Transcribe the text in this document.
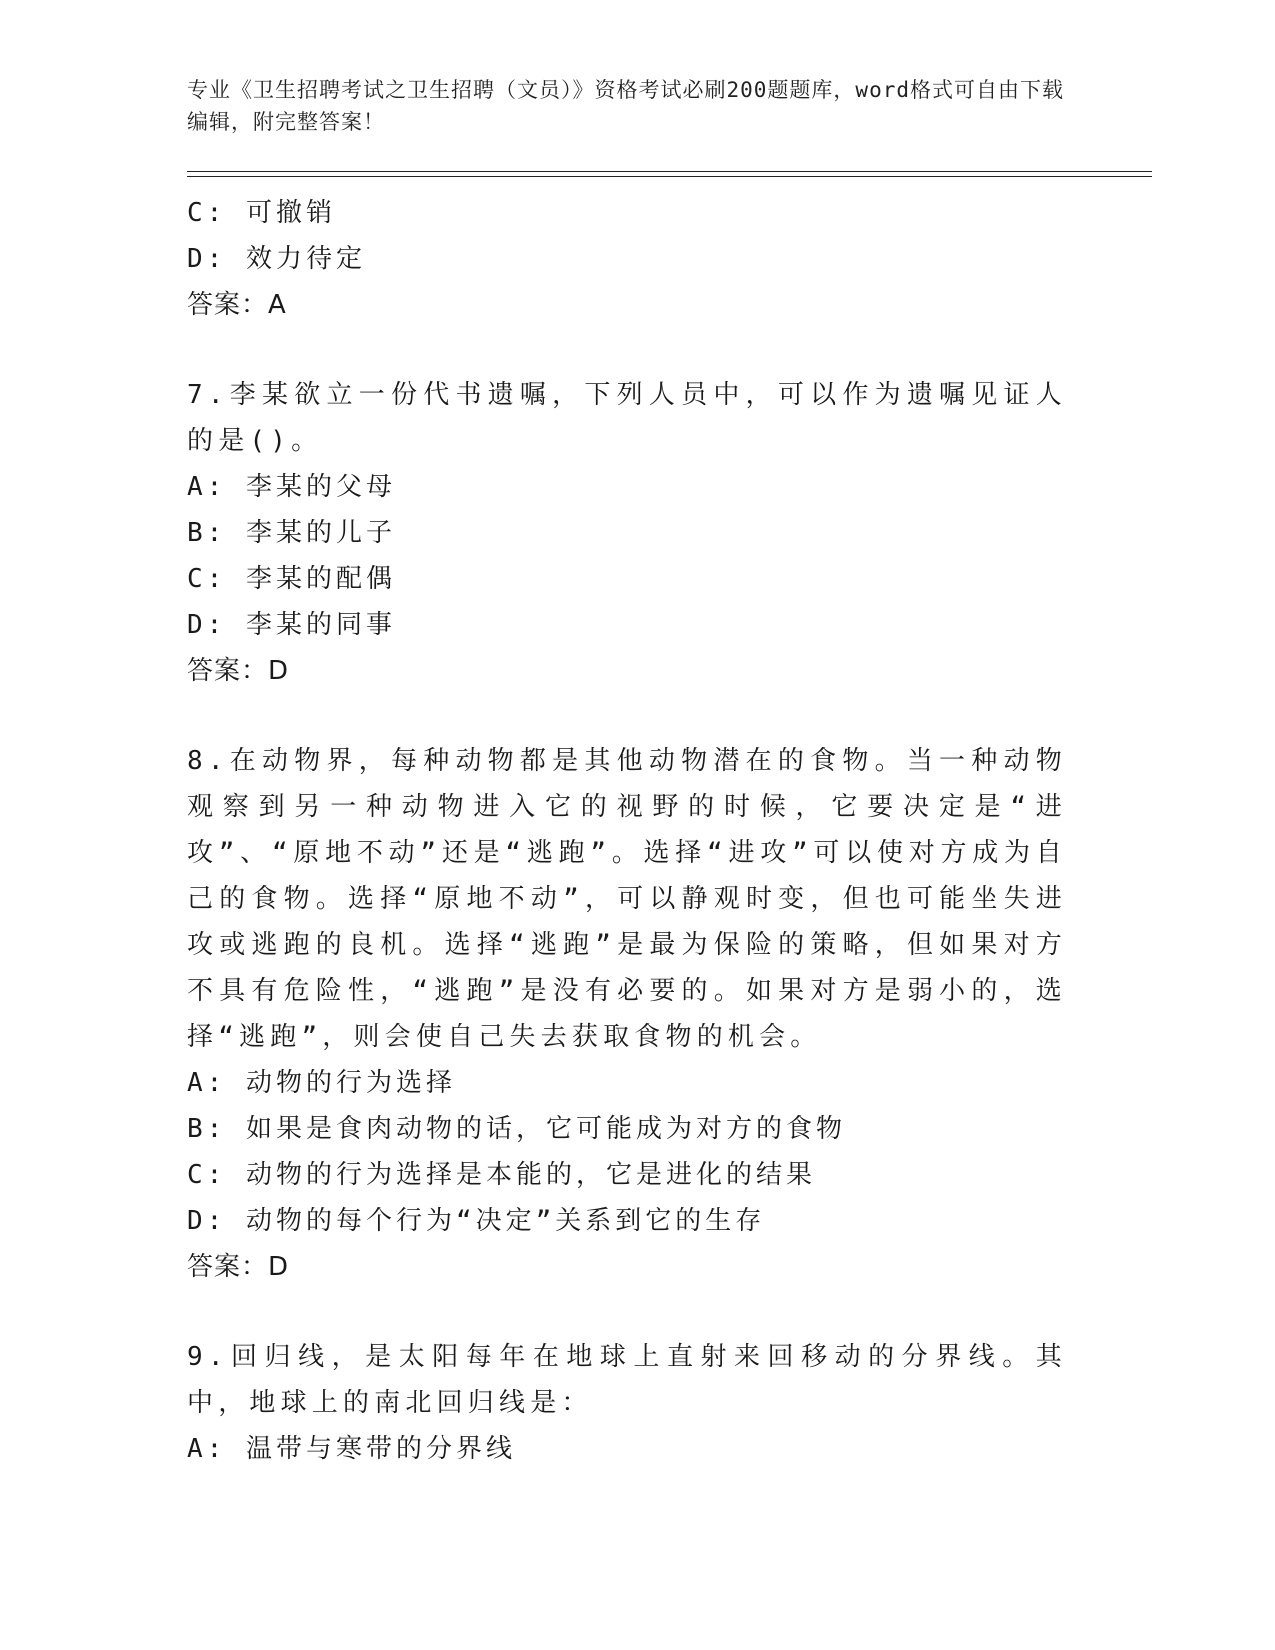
专业《卫生招聘考试之卫生招聘（文员）》资格考试必刷200题题库，word格式可自由下载编辑，附完整答案！
C: 可撤销
D: 效力待定
答案：A
7.李某欲立一份代书遗嘱，下列人员中，可以作为遗嘱见证人的是()。
A: 李某的父母
B: 李某的儿子
C: 李某的配偶
D: 李某的同事
答案：D
8.在动物界，每种动物都是其他动物潜在的食物。当一种动物观察到另一种动物进入它的视野的时候，它要决定是“进攻”、“原地不动”还是“逃跑”。选择“进攻”可以使对方成为自己的食物。选择“原地不动”，可以静观时变，但也可能坐失进攻或逃跑的良机。选择“逃跑”是最为保险的策略，但如果对方不具有危险性，“逃跑”是没有必要的。如果对方是弱小的，选择“逃跑”，则会使自己失去获取食物的机会。
A: 动物的行为选择
B: 如果是食肉动物的话，它可能成为对方的食物
C: 动物的行为选择是本能的，它是进化的结果
D: 动物的每个行为“决定”关系到它的生存
答案：D
9.回归线，是太阳每年在地球上直射来回移动的分界线。其中，地球上的南北回归线是：
A: 温带与寒带的分界线
